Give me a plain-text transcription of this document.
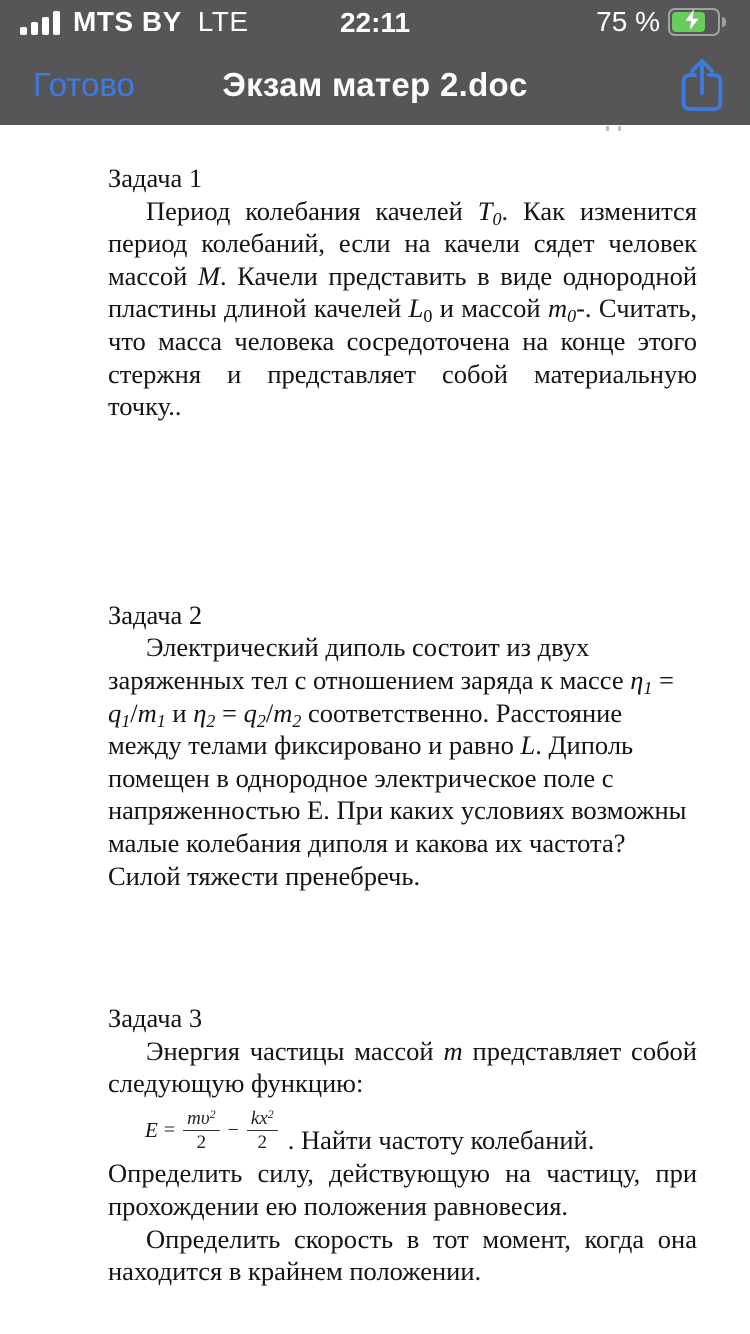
MTS BY LTE	22:11	75 %
Готово	Экзам матер 2.doc
Задача 1

Период колебания качелей T0. Как изменится период колебаний, если на качели сядет человек массой М. Качели представить в виде однородной пластины длиной качелей L0 и массой m0-. Считать, что масса человека сосредоточена на конце этого стержня и представляет собой материальную точку..

Задача 2

Электрический диполь состоит из двух заряженных тел с отношением заряда к массе η1 = q1/m1 и η2 = q2/m2 соответственно. Расстояние между телами фиксировано и равно L. Диполь помещен в однородное электрическое поле с напряженностью Е. При каких условиях возможны малые колебания диполя и какова их частота? Силой тяжести пренебречь.

Задача 3

Энергия частицы массой m представляет собой следующую функцию:

$E = \frac{m\upsilon^2}{2} - \frac{kx^2}{2}$ . Найти частоту колебаний.

Определить силу, действующую на частицу, при прохождении ею положения равновесия.

Определить скорость в тот момент, когда она находится в крайнем положении.
